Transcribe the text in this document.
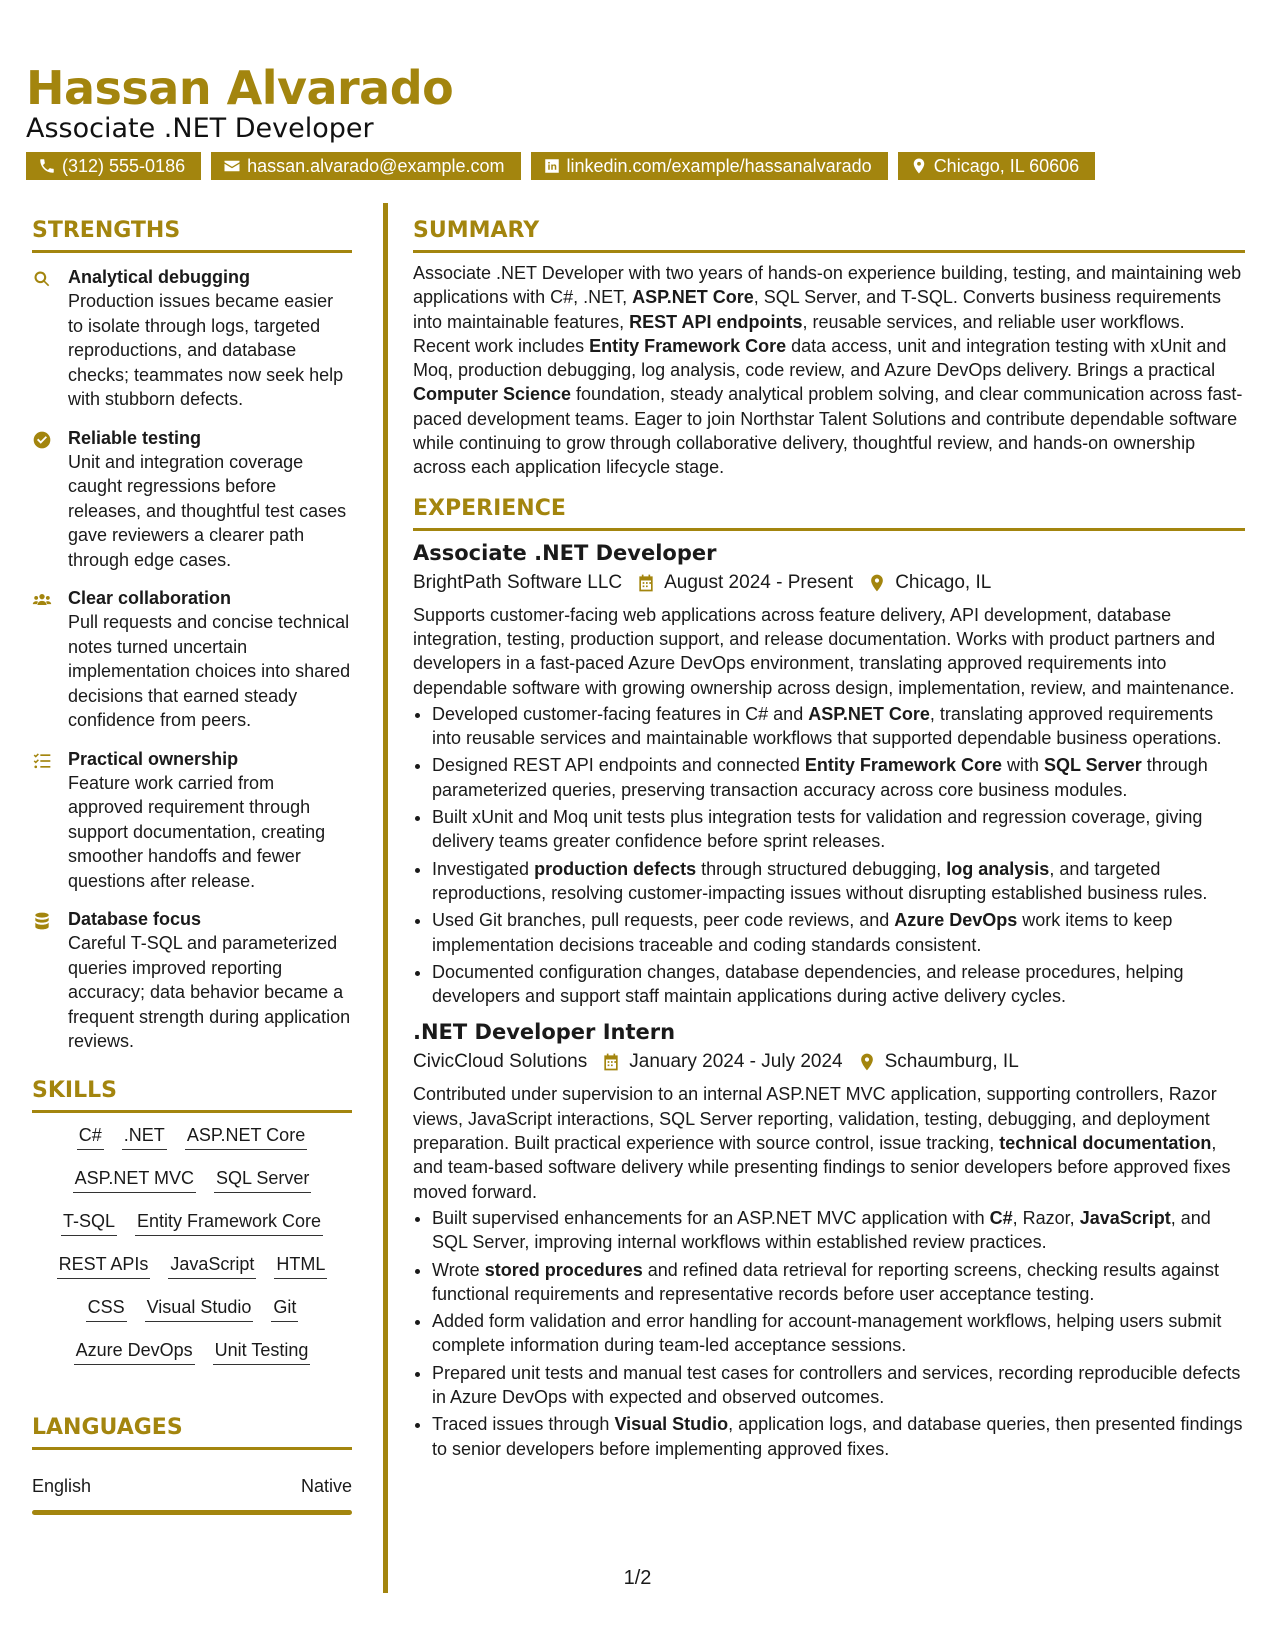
Hassan Alvarado
Associate .NET Developer
(312) 555-0186	hassan.alvarado@example.com	linkedin.com/example/hassanalvarado	Chicago, IL 60606
STRENGTHS
Analytical debugging
Production issues became easier to isolate through logs, targeted reproductions, and database checks; teammates now seek help with stubborn defects.
Reliable testing
Unit and integration coverage caught regressions before releases, and thoughtful test cases gave reviewers a clearer path through edge cases.
Clear collaboration
Pull requests and concise technical notes turned uncertain implementation choices into shared decisions that earned steady confidence from peers.
Practical ownership
Feature work carried from approved requirement through support documentation, creating smoother handoffs and fewer questions after release.
Database focus
Careful T-SQL and parameterized queries improved reporting accuracy; data behavior became a frequent strength during application reviews.
SKILLS
C# .NET ASP.NET Core
ASP.NET MVC SQL Server
T-SQL Entity Framework Core
REST APIs JavaScript HTML
CSS Visual Studio Git
Azure DevOps Unit Testing
LANGUAGES
English	Native
SUMMARY

Associate .NET Developer with two years of hands-on experience building, testing, and maintaining web applications with C#, .NET, ASP.NET Core, SQL Server, and T-SQL. Converts business requirements into maintainable features, REST API endpoints, reusable services, and reliable user workflows. Recent work includes Entity Framework Core data access, unit and integration testing with xUnit and Moq, production debugging, log analysis, code review, and Azure DevOps delivery. Brings a practical Computer Science foundation, steady analytical problem solving, and clear communication across fast-paced development teams. Eager to join Northstar Talent Solutions and contribute dependable software while continuing to grow through collaborative delivery, thoughtful review, and hands-on ownership across each application lifecycle stage.

EXPERIENCE
Associate .NET Developer
BrightPath Software LLC August 2024 - Present Chicago, IL

Supports customer-facing web applications across feature delivery, API development, database integration, testing, production support, and release documentation. Works with product partners and developers in a fast-paced Azure DevOps environment, translating approved requirements into dependable software with growing ownership across design, implementation, review, and maintenance.

• Developed customer-facing features in C# and ASP.NET Core, translating approved requirements into reusable services and maintainable workflows that supported dependable business operations.
• Designed REST API endpoints and connected Entity Framework Core with SQL Server through parameterized queries, preserving transaction accuracy across core business modules.
• Built xUnit and Moq unit tests plus integration tests for validation and regression coverage, giving delivery teams greater confidence before sprint releases.
• Investigated production defects through structured debugging, log analysis, and targeted reproductions, resolving customer-impacting issues without disrupting established business rules.
• Used Git branches, pull requests, peer code reviews, and Azure DevOps work items to keep implementation decisions traceable and coding standards consistent.
• Documented configuration changes, database dependencies, and release procedures, helping developers and support staff maintain applications during active delivery cycles.
.NET Developer Intern
CivicCloud Solutions January 2024 - July 2024 Schaumburg, IL

Contributed under supervision to an internal ASP.NET MVC application, supporting controllers, Razor views, JavaScript interactions, SQL Server reporting, validation, testing, debugging, and deployment preparation. Built practical experience with source control, issue tracking, technical documentation, and team-based software delivery while presenting findings to senior developers before approved fixes moved forward.

• Built supervised enhancements for an ASP.NET MVC application with C#, Razor, JavaScript, and SQL Server, improving internal workflows within established review practices.
• Wrote stored procedures and refined data retrieval for reporting screens, checking results against functional requirements and representative records before user acceptance testing.
• Added form validation and error handling for account-management workflows, helping users submit complete information during team-led acceptance sessions.
• Prepared unit tests and manual test cases for controllers and services, recording reproducible defects in Azure DevOps with expected and observed outcomes.
• Traced issues through Visual Studio, application logs, and database queries, then presented findings to senior developers before implementing approved fixes.
1/2
